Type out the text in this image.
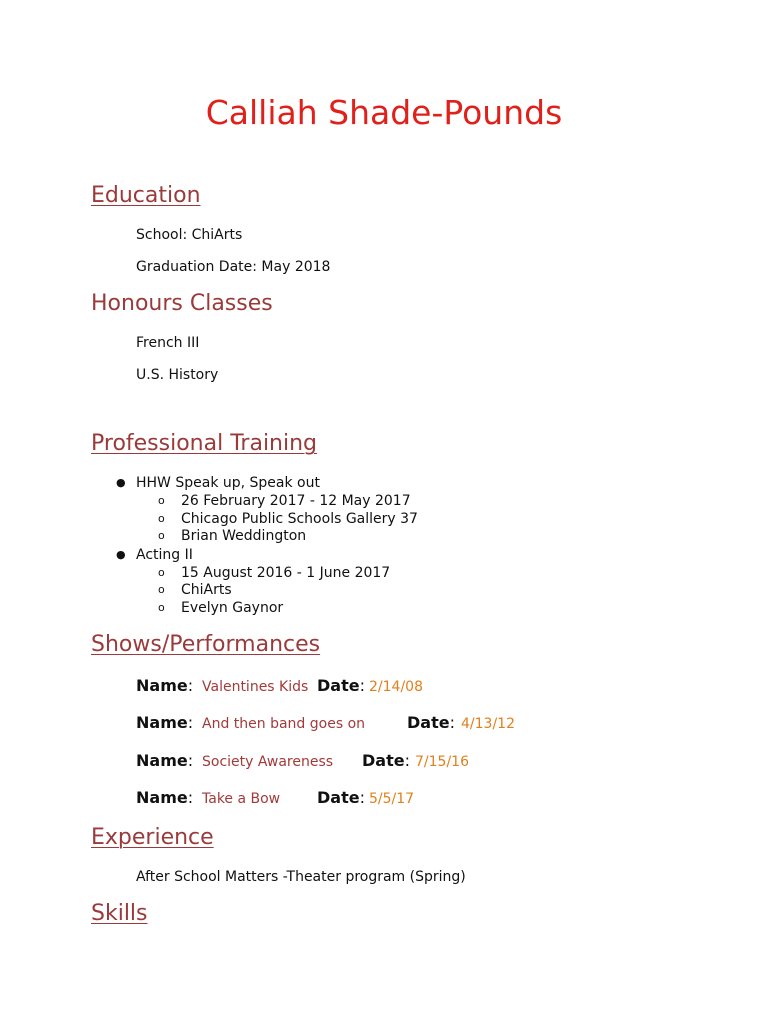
Calliah Shade-Pounds
Education
School: ChiArts
Graduation Date: May 2018
Honours Classes
French III
U.S. History
Professional Training
● HHW Speak up, Speak out
o 26 February 2017 - 12 May 2017
o Chicago Public Schools Gallery 37
o Brian Weddington
● Acting II
o 15 August 2016 - 1 June 2017
o ChiArts
o Evelyn Gaynor
Shows/Performances
Name: Valentines Kids Date: 2/14/08
Name: And then band goes on	Date: 4/13/12
Name: Society Awareness Date: 7/15/16
Name: Take a Bow Date: 5/5/17
Experience
After School Matters -Theater program (Spring)
Skills
